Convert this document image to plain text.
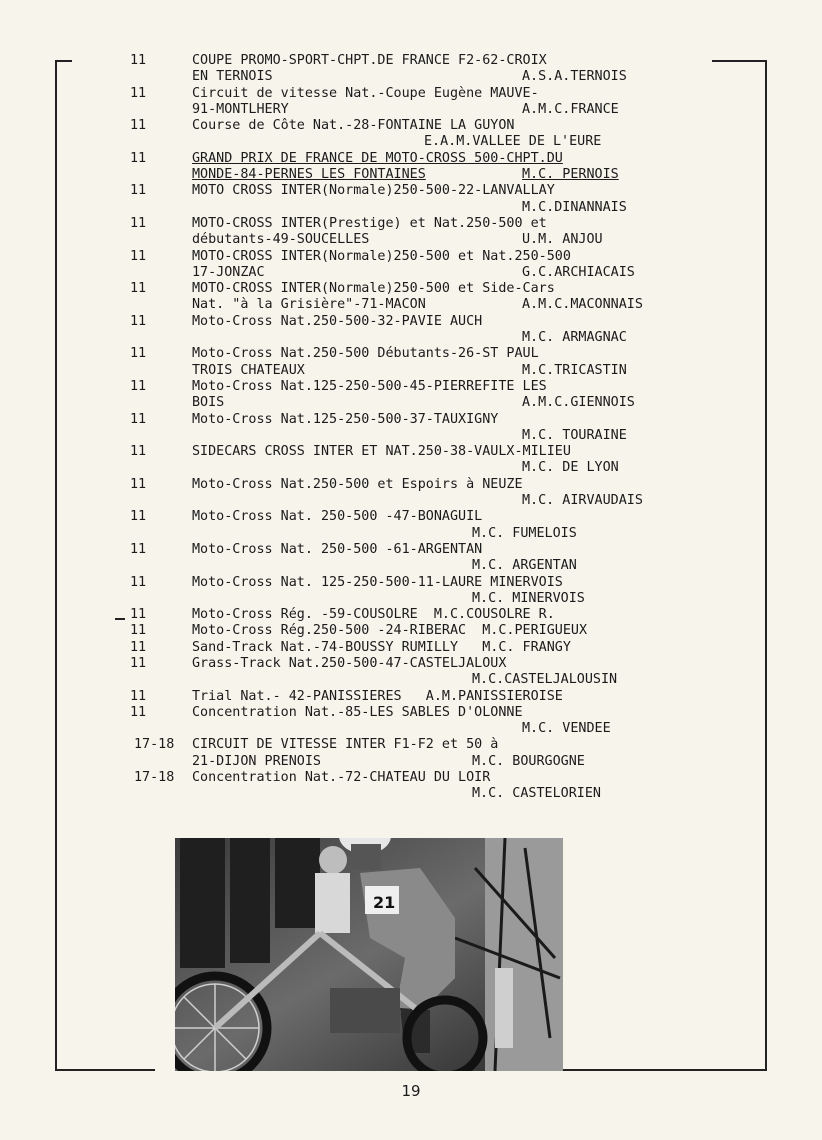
11	COUPE PROMO-SPORT-CHPT.DE FRANCE F2-62-CROIX
EN TERNOIS	A.S.A.TERNOIS
11	Circuit de vitesse Nat.-Coupe Eugène MAUVE-
91-MONTLHERY	A.M.C.FRANCE
11	Course de Côte Nat.-28-FONTAINE LA GUYON
E.A.M.VALLEE DE L'EURE
11	GRAND PRIX DE FRANCE DE MOTO-CROSS 500-CHPT.DU
MONDE-84-PERNES LES FONTAINES	M.C. PERNOIS
11	MOTO CROSS INTER(Normale)250-500-22-LANVALLAY
M.C.DINANNAIS
11	MOTO-CROSS INTER(Prestige) et Nat.250-500 et
débutants-49-SOUCELLES	U.M. ANJOU
11	MOTO-CROSS INTER(Normale)250-500 et Nat.250-500
17-JONZAC	G.C.ARCHIACAIS
11	MOTO-CROSS INTER(Normale)250-500 et Side-Cars
Nat. "à la Grisière"-71-MACON	A.M.C.MACONNAIS
11	Moto-Cross Nat.250-500-32-PAVIE AUCH
M.C. ARMAGNAC
11	Moto-Cross Nat.250-500 Débutants-26-ST PAUL
TROIS CHATEAUX	M.C.TRICASTIN
11	Moto-Cross Nat.125-250-500-45-PIERREFITE LES
BOIS	A.M.C.GIENNOIS
11	Moto-Cross Nat.125-250-500-37-TAUXIGNY
M.C. TOURAINE
11	SIDECARS CROSS INTER ET NAT.250-38-VAULX-MILIEU
M.C. DE LYON
11	Moto-Cross Nat.250-500 et Espoirs à NEUZE
M.C. AIRVAUDAIS
11	Moto-Cross Nat. 250-500 -47-BONAGUIL
M.C. FUMELOIS
11	Moto-Cross Nat. 250-500 -61-ARGENTAN
M.C. ARGENTAN
11	Moto-Cross Nat. 125-250-500-11-LAURE MINERVOIS
M.C. MINERVOIS
11	Moto-Cross Rég. -59-COUSOLRE  M.C.COUSOLRE R.
11	Moto-Cross Rég.250-500 -24-RIBERAC  M.C.PERIGUEUX
11	Sand-Track Nat.-74-BOUSSY RUMILLY   M.C. FRANGY
11	Grass-Track Nat.250-500-47-CASTELJALOUX
M.C.CASTELJALOUSIN
11	Trial Nat.- 42-PANISSIERES   A.M.PANISSIEROISE
11	Concentration Nat.-85-LES SABLES D'OLONNE
M.C. VENDEE
17-18 CIRCUIT DE VITESSE INTER F1-F2 et 50 à
21-DIJON PRENOIS	M.C. BOURGOGNE
17-18 Concentration Nat.-72-CHATEAU DU LOIR
M.C. CASTELORIEN
21
19
